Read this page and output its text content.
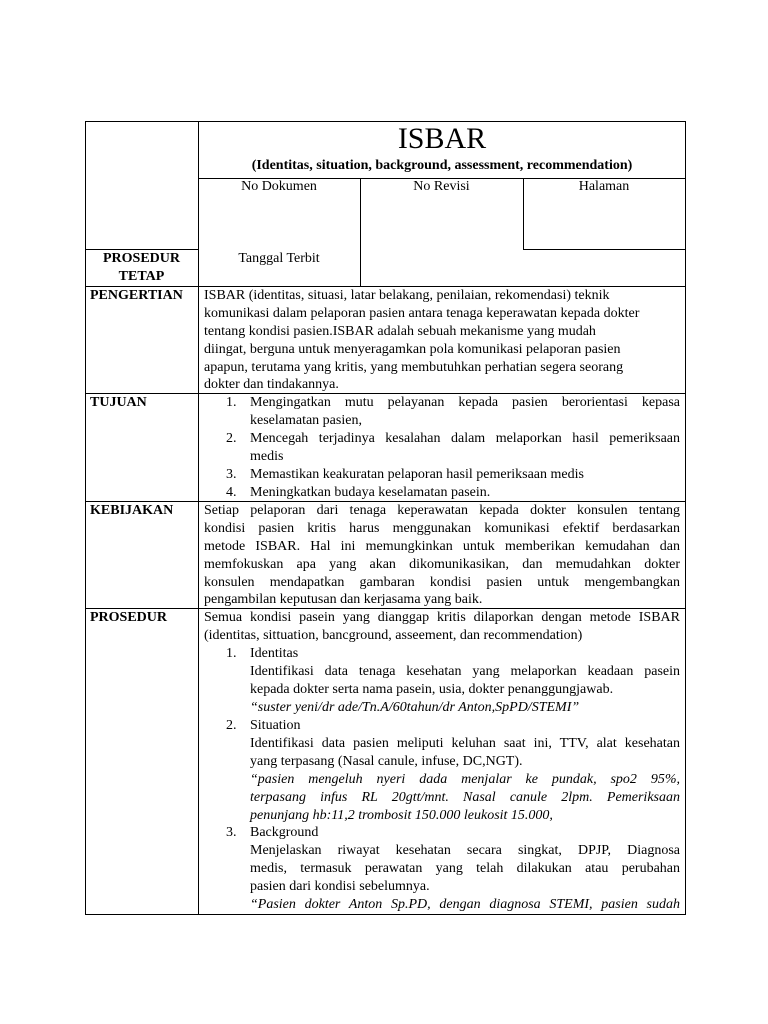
ISBAR
(Identitas, situation, background, assessment, recommendation)
No Dokumen	No Revisi	Halaman
PROSEDUR
TETAP
Tanggal Terbit
PENGERTIAN ISBAR (identitas, situasi, latar belakang, penilaian, rekomendasi) teknik
komunikasi dalam pelaporan pasien antara tenaga keperawatan kepada dokter
tentang kondisi pasien.ISBAR adalah sebuah mekanisme yang mudah
diingat, berguna untuk menyeragamkan pola komunikasi pelaporan pasien
apapun, terutama yang kritis, yang membutuhkan perhatian segera seorang
dokter dan tindakannya.
TUJUAN	1. Mengingatkan mutu pelayanan kepada pasien berorientasi kepasa
keselamatan pasien,
2. Mencegah terjadinya kesalahan dalam melaporkan hasil pemeriksaan
medis
3. Memastikan keakuratan pelaporan hasil pemeriksaan medis
4. Meningkatkan budaya keselamatan pasein.
KEBIJAKAN Setiap pelaporan dari tenaga keperawatan kepada dokter konsulen tentang
kondisi pasien kritis harus menggunakan komunikasi efektif berdasarkan
metode ISBAR. Hal ini memungkinkan untuk memberikan kemudahan dan
memfokuskan apa yang akan dikomunikasikan, dan memudahkan dokter
konsulen mendapatkan gambaran kondisi pasien untuk mengembangkan
pengambilan keputusan dan kerjasama yang baik.
PROSEDUR	Semua kondisi pasein yang dianggap kritis dilaporkan dengan metode ISBAR
(identitas, sittuation, bancground, asseement, dan recommendation)
1. Identitas
Identifikasi data tenaga kesehatan yang melaporkan keadaan pasein
kepada dokter serta nama pasein, usia, dokter penanggungjawab.
“suster yeni/dr ade/Tn.A/60tahun/dr Anton,SpPD/STEMI”
2. Situation
Identifikasi data pasien meliputi keluhan saat ini, TTV, alat kesehatan
yang terpasang (Nasal canule, infuse, DC,NGT).
“pasien mengeluh nyeri dada menjalar ke pundak, spo2 95%,
terpasang infus RL 20gtt/mnt. Nasal canule 2lpm. Pemeriksaan
penunjang hb:11,2 trombosit 150.000 leukosit 15.000,
3. Background
Menjelaskan riwayat kesehatan secara singkat, DPJP, Diagnosa
medis, termasuk perawatan yang telah dilakukan atau perubahan
pasien dari kondisi sebelumnya.
“Pasien dokter Anton Sp.PD, dengan diagnosa STEMI, pasien sudah
